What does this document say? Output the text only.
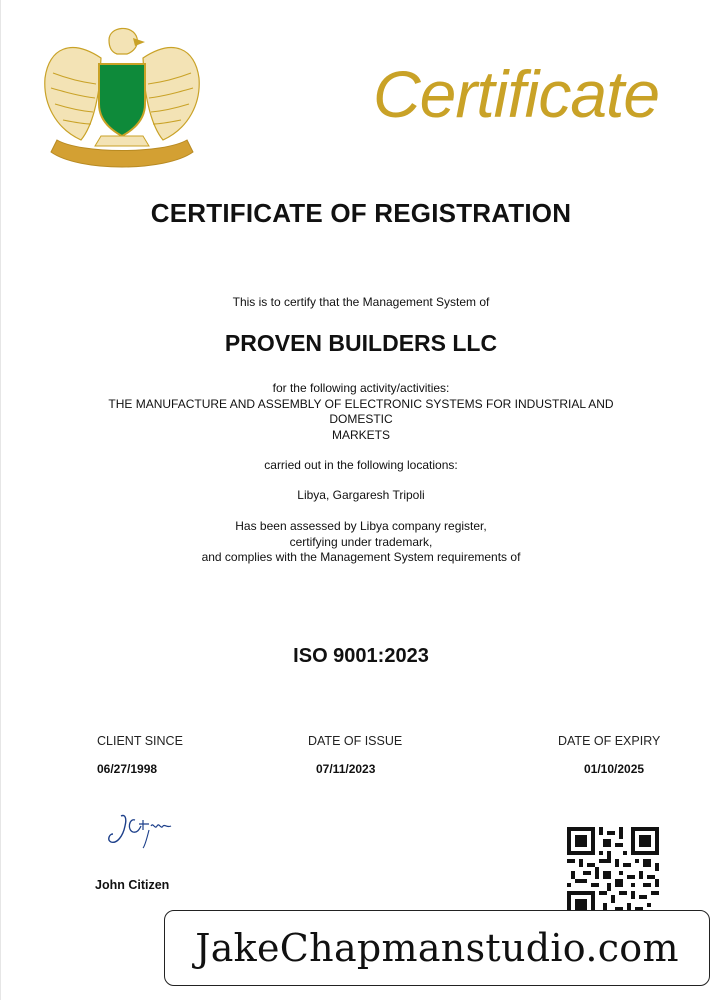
Certificate
CERTIFICATE OF REGISTRATION
This is to certify that the Management System of
PROVEN BUILDERS LLC
for the following activity/activities:
THE MANUFACTURE AND ASSEMBLY OF ELECTRONIC SYSTEMS FOR INDUSTRIAL AND
DOMESTIC
MARKETS
carried out in the following locations:
Libya, Gargaresh Tripoli
Has been assessed by Libya company register,
certifying under trademark,
and complies with the Management System requirements of
ISO 9001:2023
CLIENT SINCE
06/27/1998
DATE OF ISSUE
07/11/2023
DATE OF EXPIRY
01/10/2025
John Citizen
JakeChapmanstudio.com
